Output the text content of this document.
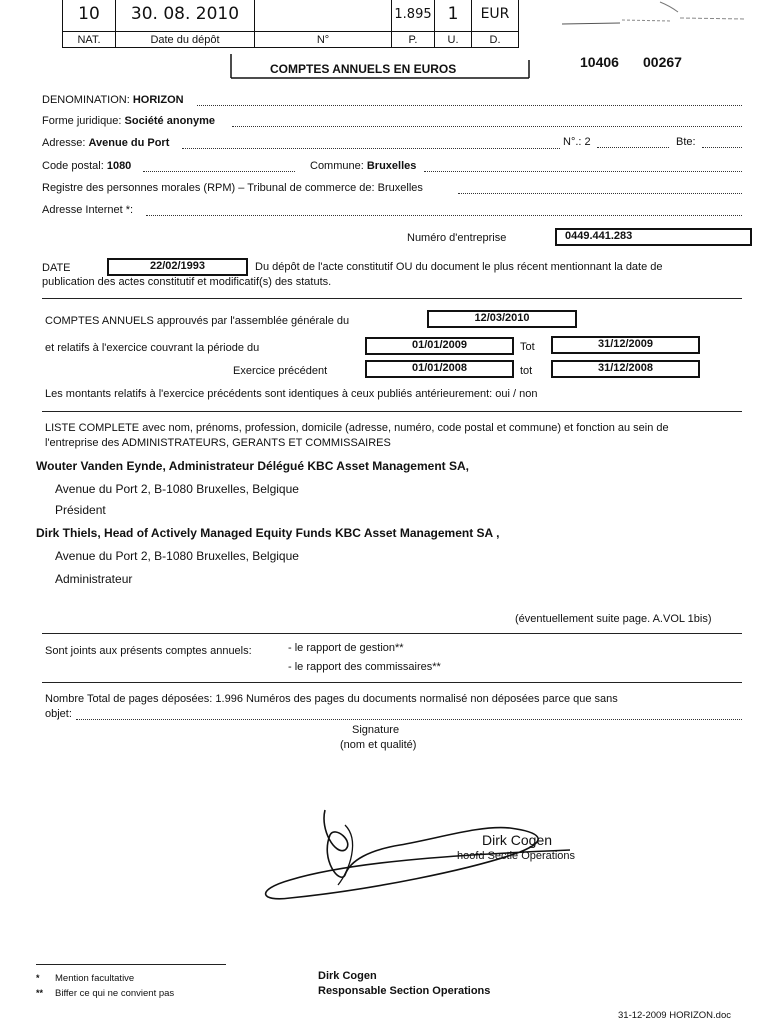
10	30. 08. 2010		1.895	1	EUR
NAT.	Date du dépôt	N°	P.	U.	D.
COMPTES ANNUELS EN EUROS	10406 00267
DENOMINATION: HORIZON
Forme juridique: Société anonyme
Adresse: Avenue du Port	N°.: 2	Bte:
Code postal: 1080	Commune: Bruxelles
Registre des personnes morales (RPM) – Tribunal de commerce de: Bruxelles
Adresse Internet *:
Numéro d'entreprise	0449.441.283
DATE	22/02/1993	Du dépôt de l'acte constitutif OU du document le plus récent mentionnant la date de
publication des actes constitutif et modificatif(s) des statuts.
COMPTES ANNUELS approuvés par l'assemblée générale du	12/03/2010
et relatifs à l'exercice couvrant la période du	01/01/2009	Tot	31/12/2009
Exercice précédent	01/01/2008	tot	31/12/2008
Les montants relatifs à l'exercice précédents sont identiques à ceux publiés antérieurement: oui / non
LISTE COMPLETE avec nom, prénoms, profession, domicile (adresse, numéro, code postal et commune) et fonction au sein de
l'entreprise des ADMINISTRATEURS, GERANTS ET COMMISSAIRES
Wouter Vanden Eynde, Administrateur Délégué KBC Asset Management SA,
Avenue du Port 2, B-1080 Bruxelles, Belgique
Président
Dirk Thiels, Head of Actively Managed Equity Funds KBC Asset Management SA ,
Avenue du Port 2, B-1080 Bruxelles, Belgique
Administrateur
(éventuellement suite page. A.VOL 1bis)
Sont joints aux présents comptes annuels:	- le rapport de gestion**
- le rapport des commissaires**
Nombre Total de pages déposées: 1.996 Numéros des pages du documents normalisé non déposées parce que sans
objet:
Signature
(nom et qualité)
Dirk Cogen
hoofd Sectie Operations
* Mention facultative
** Biffer ce qui ne convient pas
Dirk Cogen
Responsable Section Operations
31-12-2009 HORIZON.doc
